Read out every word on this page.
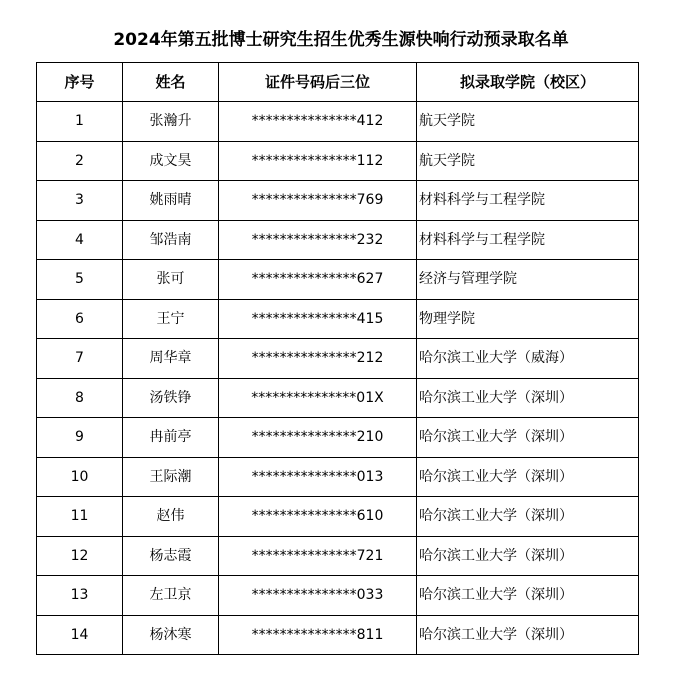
2024年第五批博士研究生招生优秀生源快响行动预录取名单
序号	姓名	证件号码后三位	拟录取学院（校区）
1	张瀚升	***************412	航天学院
2	成文昊	***************112	航天学院
3	姚雨晴	***************769	材料科学与工程学院
4	邹浩南	***************232	材料科学与工程学院
5	张可	***************627	经济与管理学院
6	王宁	***************415	物理学院
7	周华章	***************212	哈尔滨工业大学（威海）
8	汤铁铮	***************01X	哈尔滨工业大学（深圳）
9	冉前亭	***************210	哈尔滨工业大学（深圳）
10	王际潮	***************013	哈尔滨工业大学（深圳）
11	赵伟	***************610	哈尔滨工业大学（深圳）
12	杨志霞	***************721	哈尔滨工业大学（深圳）
13	左卫京	***************033	哈尔滨工业大学（深圳）
14	杨沐寒	***************811	哈尔滨工业大学（深圳）
